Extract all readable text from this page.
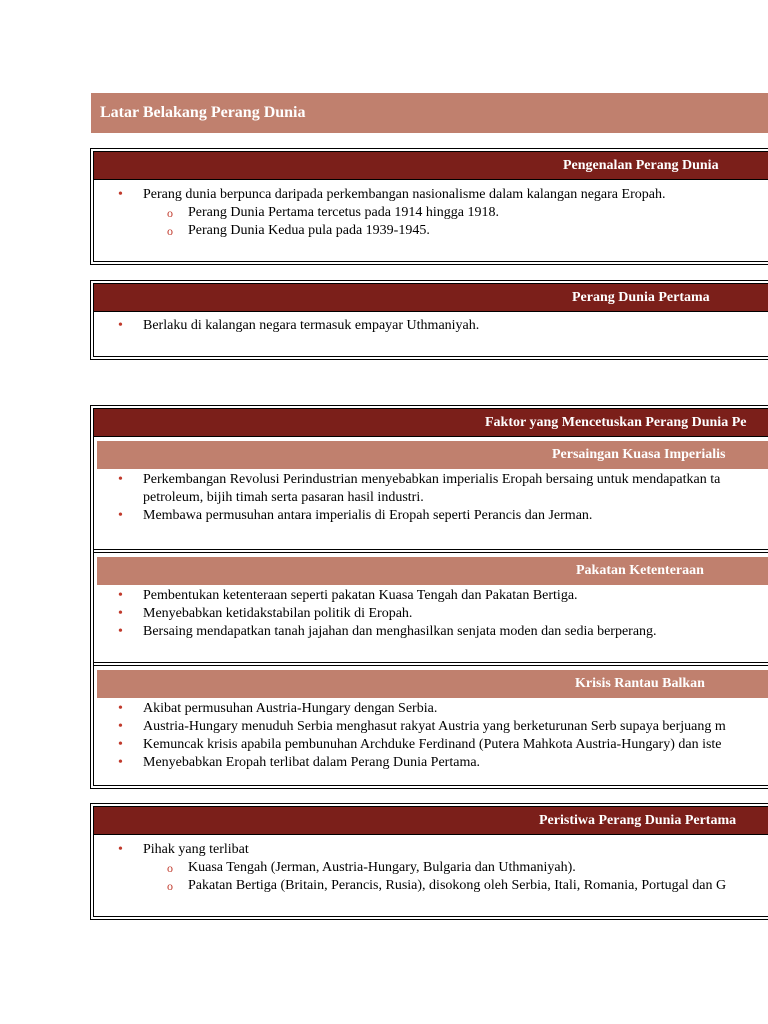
Latar Belakang Perang Dunia
Pengenalan Perang Dunia
• Perang dunia berpunca daripada perkembangan nasionalisme dalam kalangan negara Eropah.
o Perang Dunia Pertama tercetus pada 1914 hingga 1918.
o Perang Dunia Kedua pula pada 1939-1945.
Perang Dunia Pertama
• Berlaku di kalangan negara termasuk empayar Uthmaniyah.
Faktor yang Mencetuskan Perang Dunia Pe
Persaingan Kuasa Imperialis
• Perkembangan Revolusi Perindustrian menyebabkan imperialis Eropah bersaing untuk mendapatkan ta
petroleum, bijih timah serta pasaran hasil industri.
• Membawa permusuhan antara imperialis di Eropah seperti Perancis dan Jerman.
Pakatan Ketenteraan
• Pembentukan ketenteraan seperti pakatan Kuasa Tengah dan Pakatan Bertiga.
• Menyebabkan ketidakstabilan politik di Eropah.
• Bersaing mendapatkan tanah jajahan dan menghasilkan senjata moden dan sedia berperang.
Krisis Rantau Balkan
• Akibat permusuhan Austria-Hungary dengan Serbia.
• Austria-Hungary menuduh Serbia menghasut rakyat Austria yang berketurunan Serb supaya berjuang m
• Kemuncak krisis apabila pembunuhan Archduke Ferdinand (Putera Mahkota Austria-Hungary) dan iste
• Menyebabkan Eropah terlibat dalam Perang Dunia Pertama.
Peristiwa Perang Dunia Pertama
• Pihak yang terlibat
o Kuasa Tengah (Jerman, Austria-Hungary, Bulgaria dan Uthmaniyah).
o Pakatan Bertiga (Britain, Perancis, Rusia), disokong oleh Serbia, Itali, Romania, Portugal dan G
